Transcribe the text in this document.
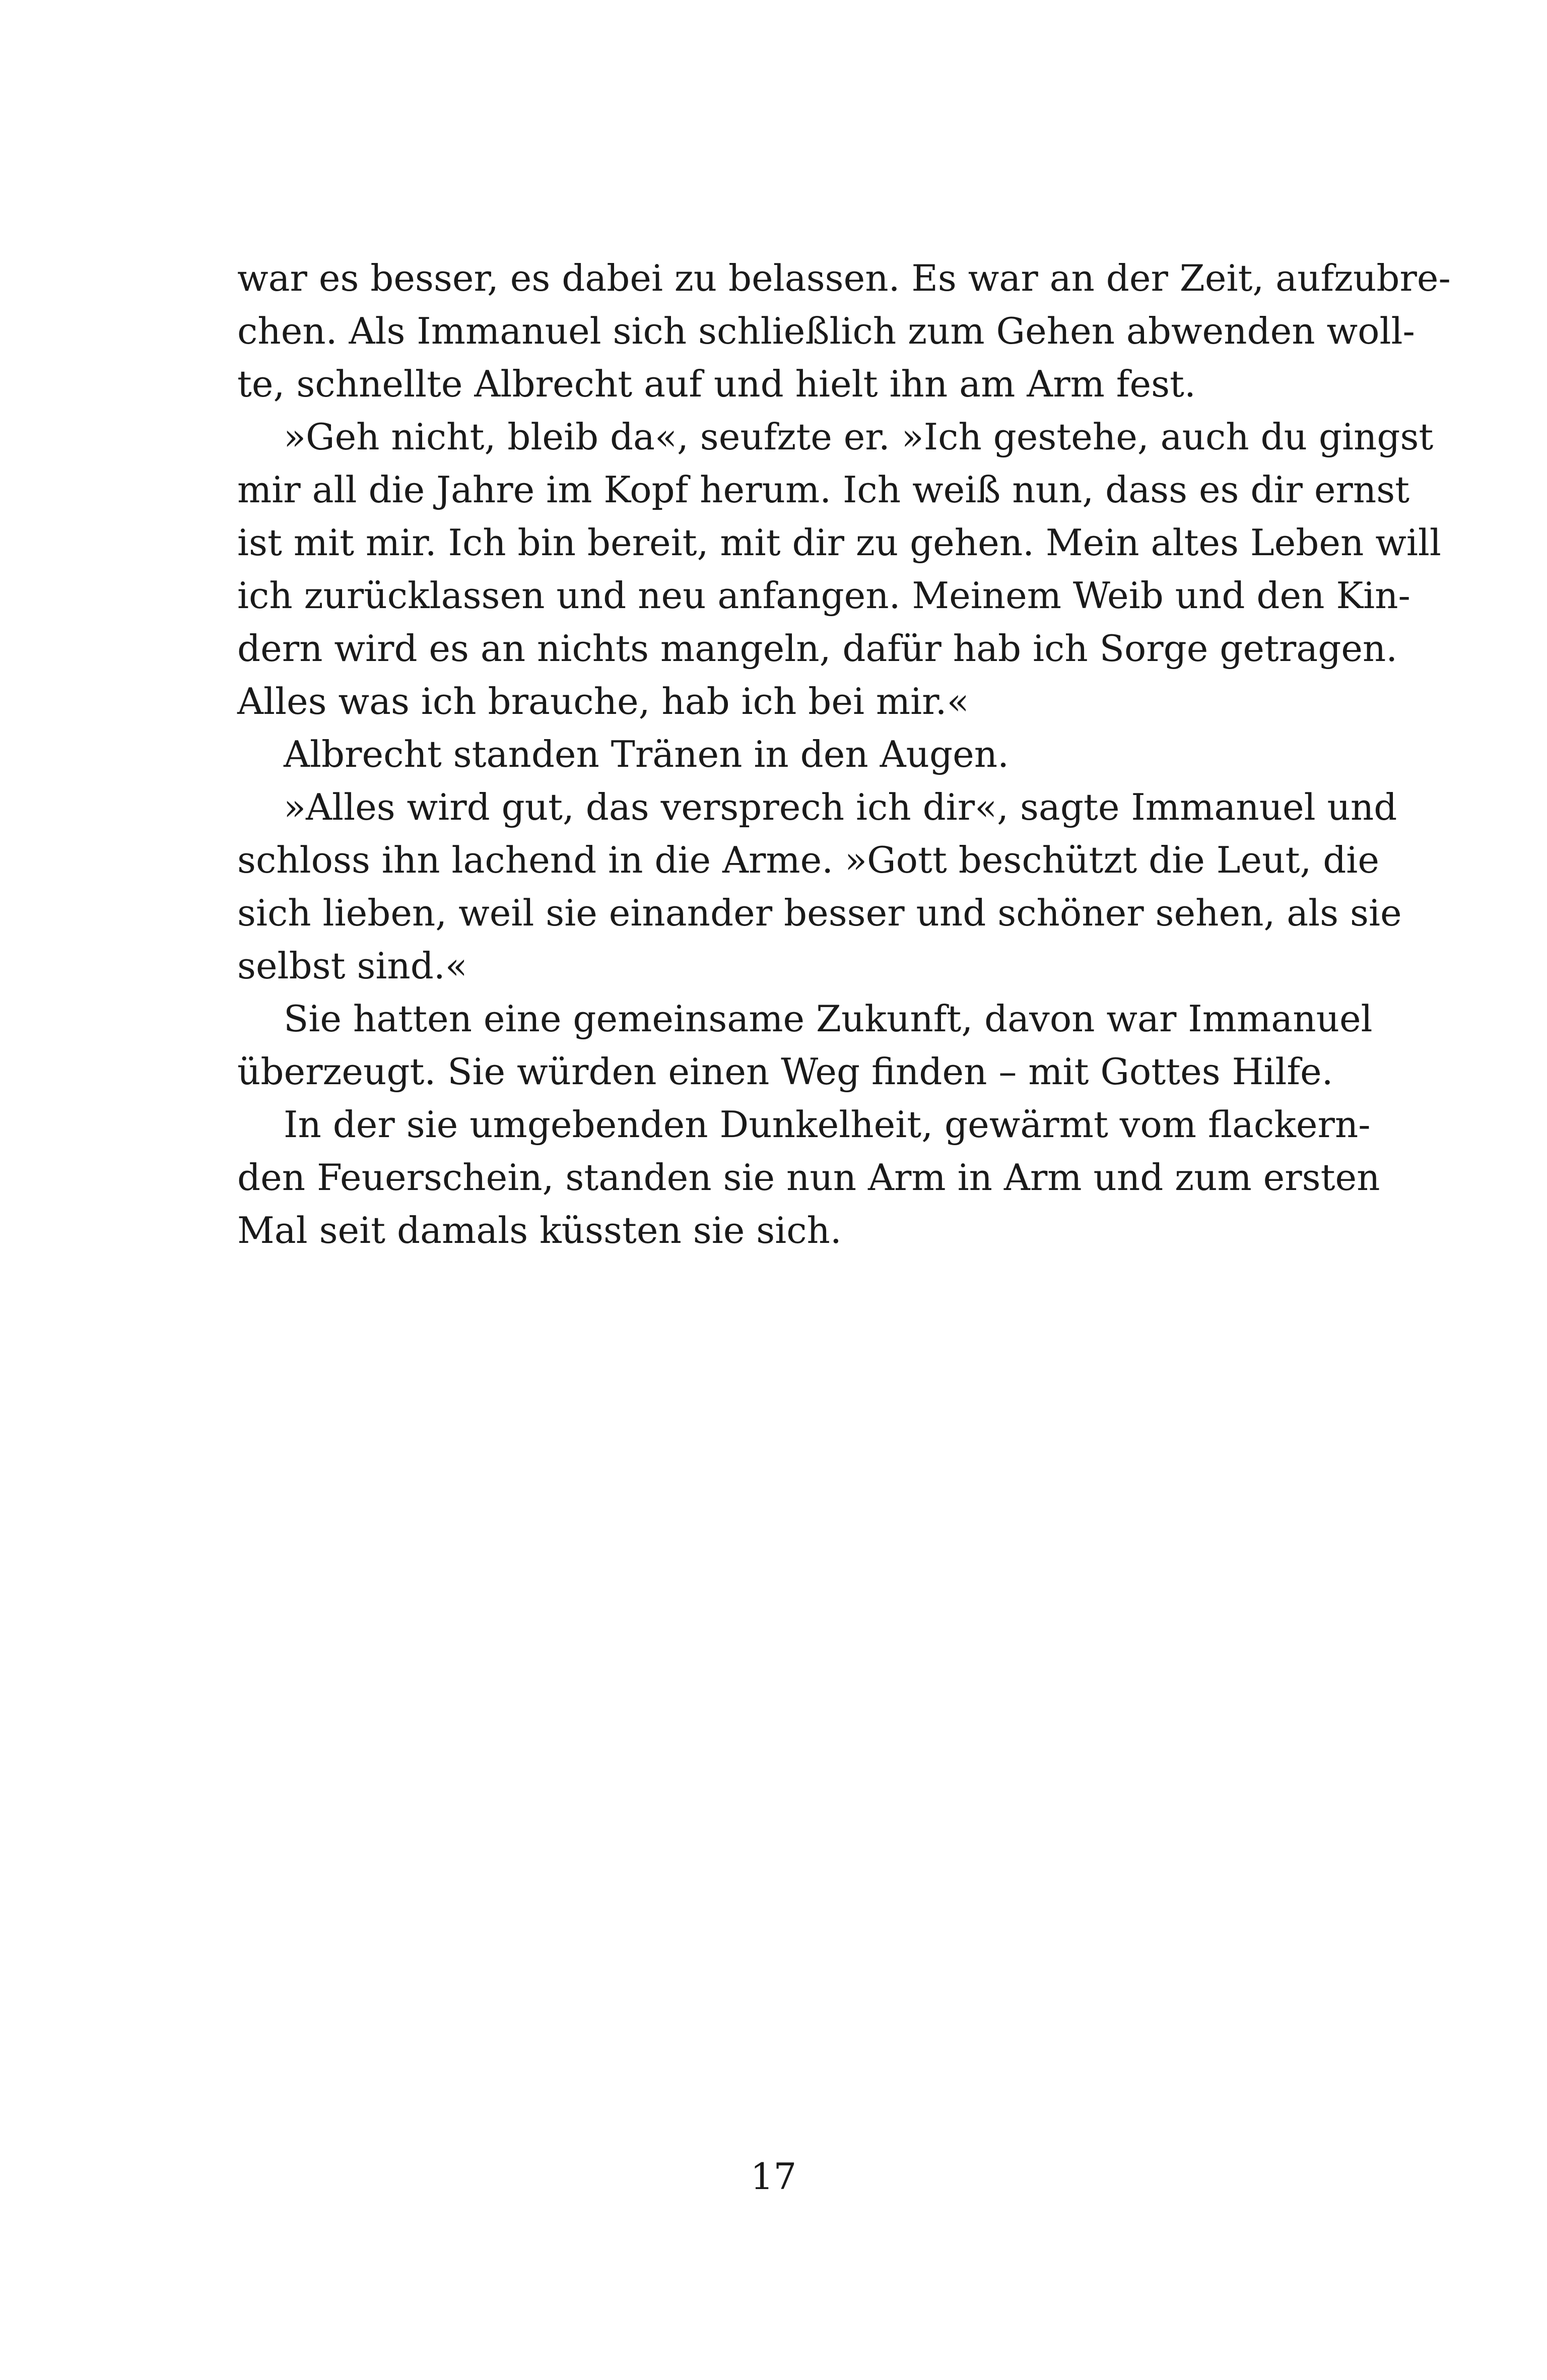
war es besser, es dabei zu belassen. Es war an der Zeit, aufzubre-
chen. Als Immanuel sich schließlich zum Gehen abwenden woll-
te, schnellte Albrecht auf und hielt ihn am Arm fest.
»Geh nicht, bleib da«, seufzte er. »Ich gestehe, auch du gingst
mir all die Jahre im Kopf herum. Ich weiß nun, dass es dir ernst
ist mit mir. Ich bin bereit, mit dir zu gehen. Mein altes Leben will
ich zurücklassen und neu anfangen. Meinem Weib und den Kin-
dern wird es an nichts mangeln, dafür hab ich Sorge getragen.
Alles was ich brauche, hab ich bei mir.«
Albrecht standen Tränen in den Augen.
»Alles wird gut, das versprech ich dir«, sagte Immanuel und
schloss ihn lachend in die Arme. »Gott beschützt die Leut, die
sich lieben, weil sie einander besser und schöner sehen, als sie
selbst sind.«
Sie hatten eine gemeinsame Zukunft, davon war Immanuel
überzeugt. Sie würden einen Weg finden – mit Gottes Hilfe.
In der sie umgebenden Dunkelheit, gewärmt vom flackern-
den Feuerschein, standen sie nun Arm in Arm und zum ersten
Mal seit damals küssten sie sich.
17
